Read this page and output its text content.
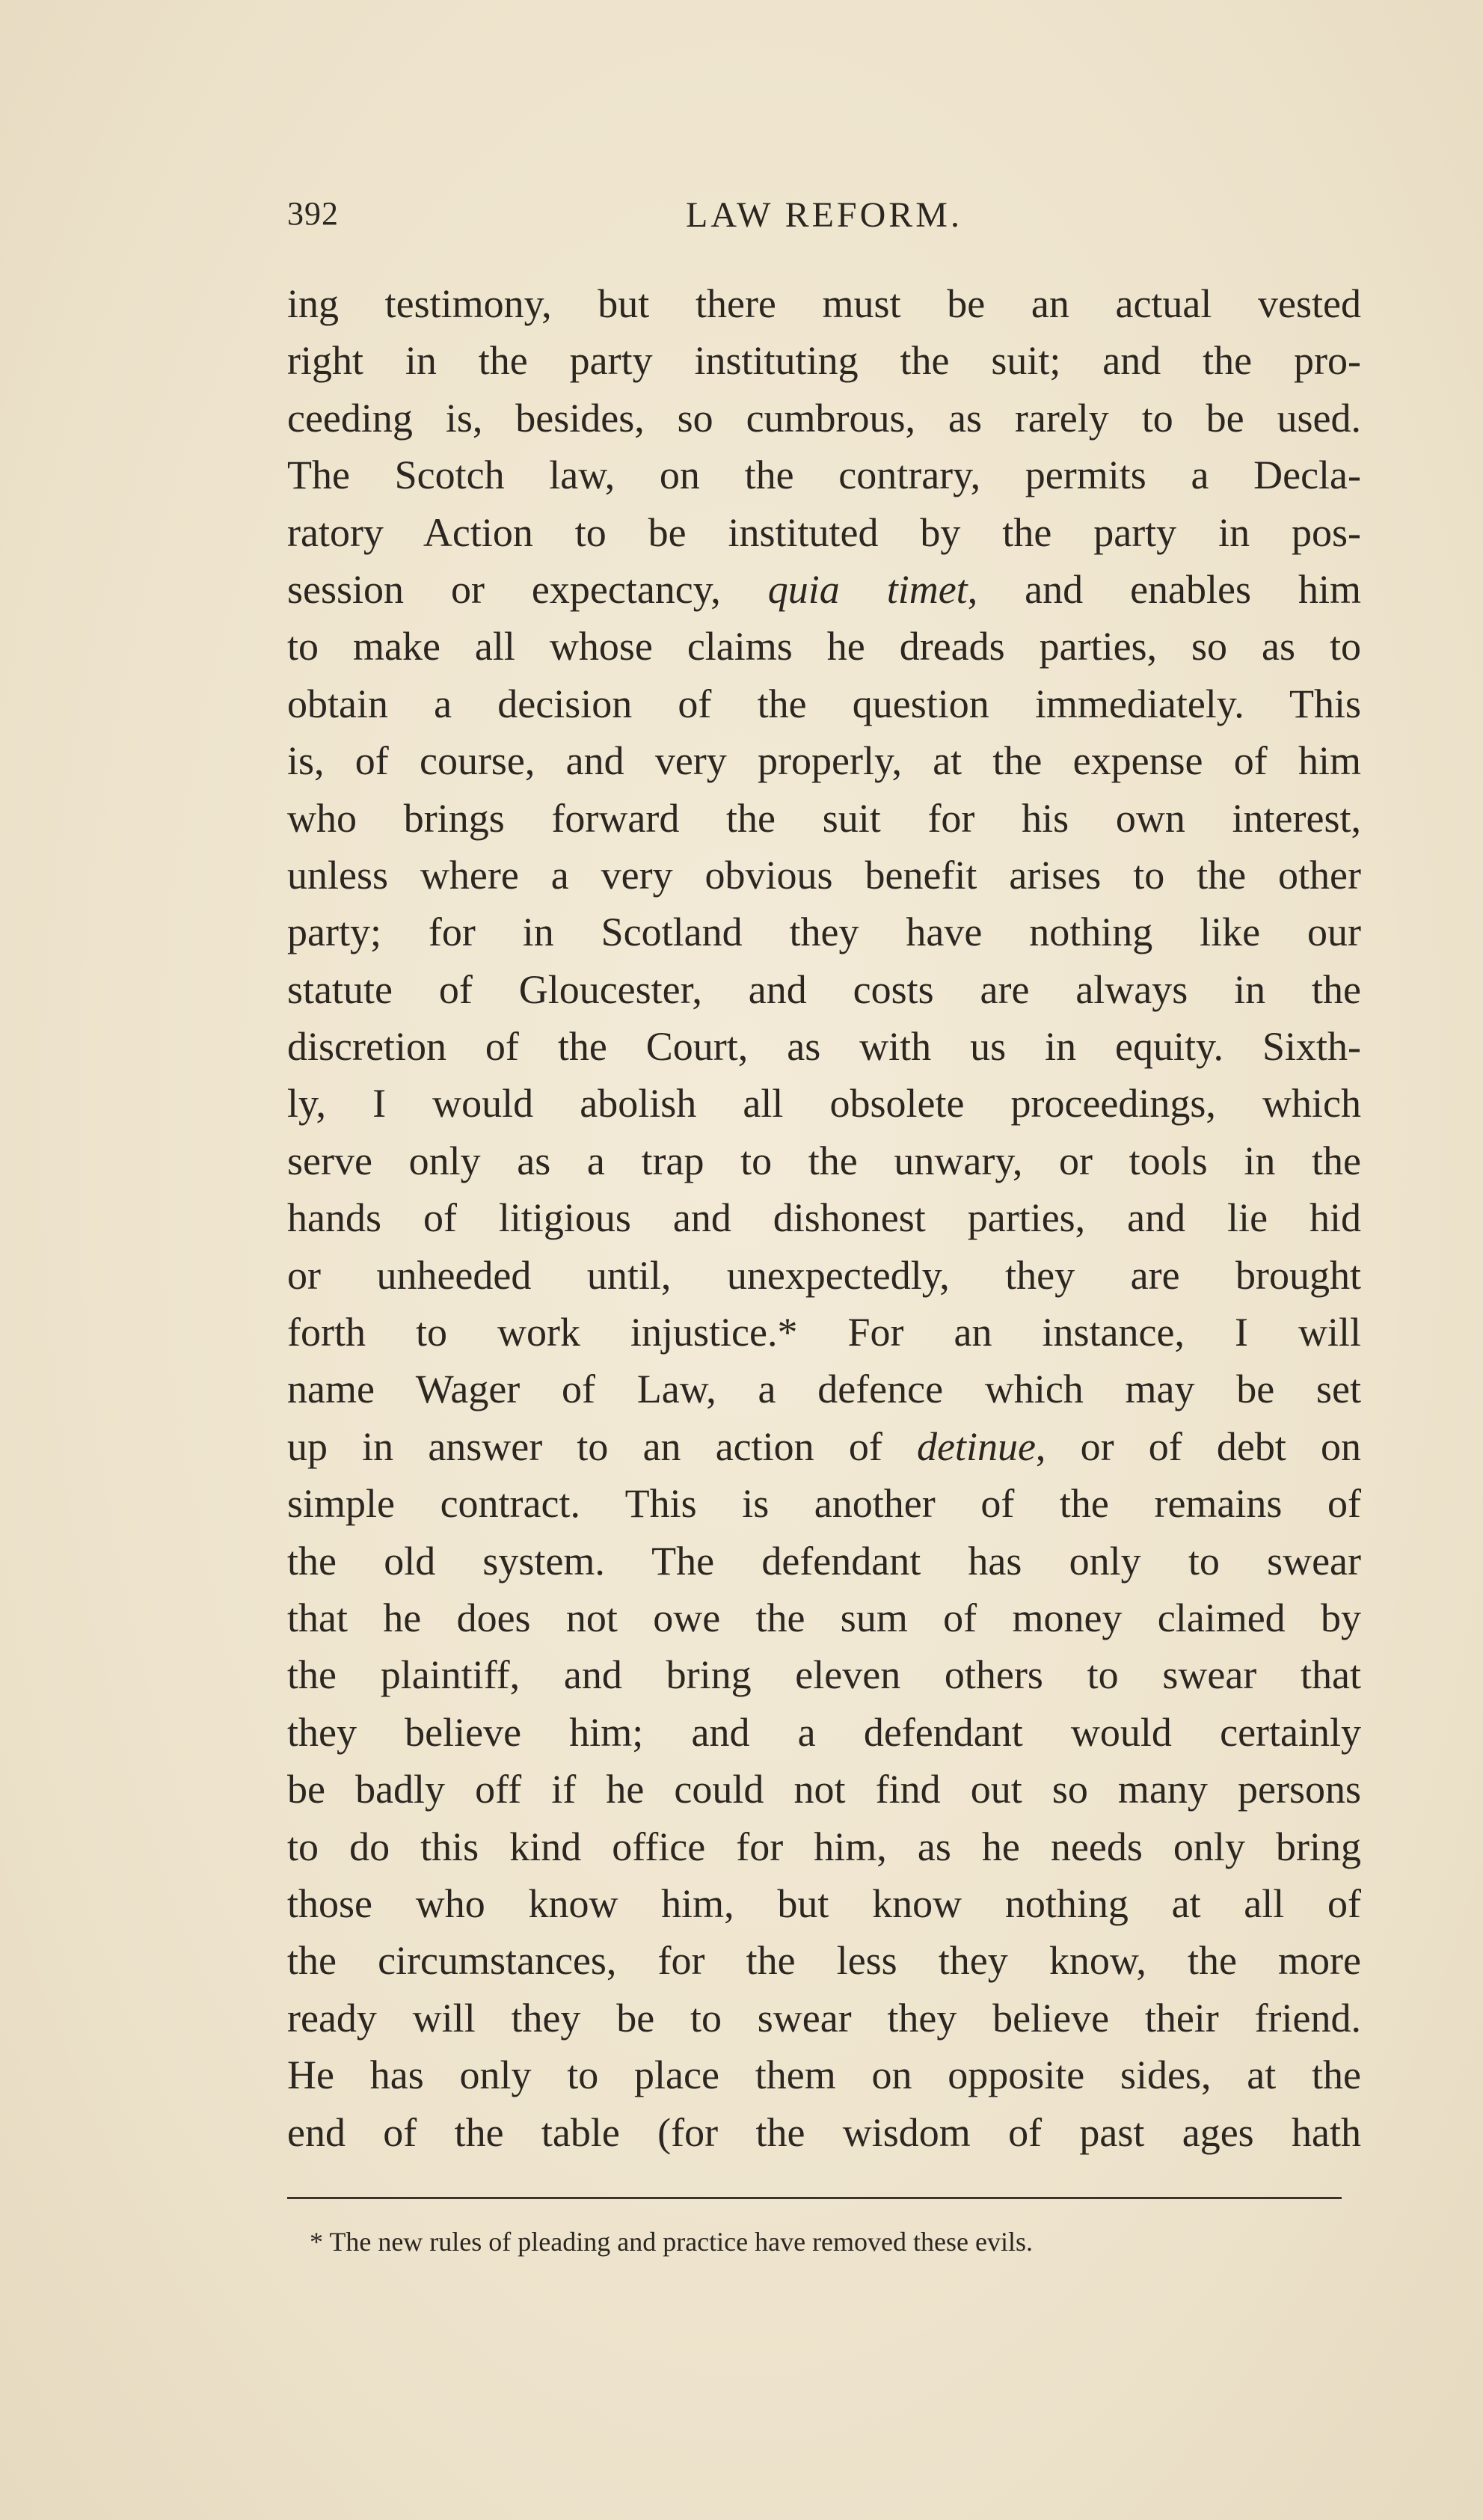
392	LAW REFORM.
ing testimony, but there must be an actual vested
right in the party instituting the suit; and the pro-
ceeding is, besides, so cumbrous, as rarely to be used.
The Scotch law, on the contrary, permits a Decla-
ratory Action to be instituted by the party in pos-
session or expectancy, quia timet, and enables him
to make all whose claims he dreads parties, so as to
obtain a decision of the question immediately. This
is, of course, and very properly, at the expense of him
who brings forward the suit for his own interest,
unless where a very obvious benefit arises to the other
party; for in Scotland they have nothing like our
statute of Gloucester, and costs are always in the
discretion of the Court, as with us in equity. Sixth-
ly, I would abolish all obsolete proceedings, which
serve only as a trap to the unwary, or tools in the
hands of litigious and dishonest parties, and lie hid
or unheeded until, unexpectedly, they are brought
forth to work injustice.* For an instance, I will
name Wager of Law, a defence which may be set
up in answer to an action of detinue, or of debt on
simple contract. This is another of the remains of
the old system. The defendant has only to swear
that he does not owe the sum of money claimed by
the plaintiff, and bring eleven others to swear that
they believe him; and a defendant would certainly
be badly off if he could not find out so many persons
to do this kind office for him, as he needs only bring
those who know him, but know nothing at all of
the circumstances, for the less they know, the more
ready will they be to swear they believe their friend.
He has only to place them on opposite sides, at the
end of the table (for the wisdom of past ages hath
* The new rules of pleading and practice have removed these evils.
